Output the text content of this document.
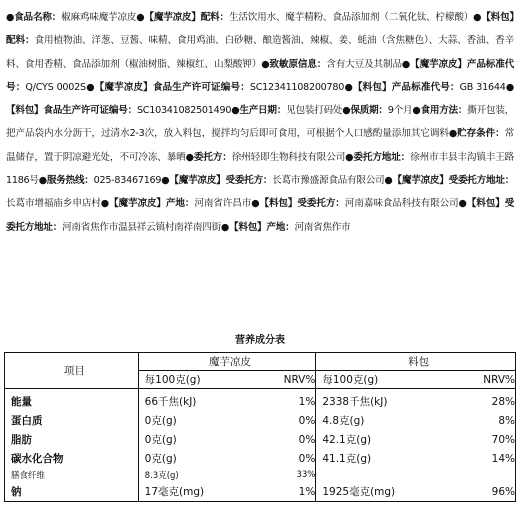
●食品名称：椒麻鸡味魔芋凉皮●【魔芋凉皮】配料：生活饮用水、魔芋精粉、食品添加剂（二氧化钛、柠檬酸）●【料包】配料：食用植物油、洋葱、豆酱、味精、食用鸡油、白砂糖、酿造酱油、辣椒、姜、蚝油（含焦糖色）、大蒜、香油、香辛料、食用香精、食品添加剂（椒油树脂、辣椒红、山梨酸钾）●致敏原信息：含有大豆及其制品●【魔芋凉皮】产品标准代号：Q/CYS 0002S●【魔芋凉皮】食品生产许可证编号：SC12341108200780●【料包】产品标准代号：GB 31644●【料包】食品生产许可证编号：SC10341082501490●生产日期：见包装打码处●保质期：9个月●食用方法：撕开包装，把产品袋内水分沥干，过清水2-3次，放入料包，搅拌均匀后即可食用，可根据个人口感酌量添加其它调料●贮存条件：常温储存，置于阴凉避光处，不可冷冻、暴晒●委托方：徐州轻即生物科技有限公司●委托方地址：徐州市丰县丰沟镇丰王路1186号●服务热线：025-83467169●【魔芋凉皮】受委托方：长葛市豫盛源食品有限公司●【魔芋凉皮】受委托方地址：长葛市增福庙乡申店村●【魔芋凉皮】产地：河南省许昌市●【料包】受委托方：河南嘉味食品科技有限公司●【料包】受委托方地址：河南省焦作市温县祥云镇村南祥南四街●【料包】产地：河南省焦作市
营养成分表
项目	魔芋凉皮		料包	
	每100克(g)	NRV%	每100克(g)	NRV%
能量	66千焦(kJ)	1%	2338千焦(kJ)	28%
蛋白质	0克(g)	0%	4.8克(g)	8%
脂肪	0克(g)	0%	42.1克(g)	70%
碳水化合物	0克(g)	0%	41.1克(g)	14%
膳食纤维	8.3克(g)	33%		
钠	17毫克(mg)	1%	1925毫克(mg)	96%
